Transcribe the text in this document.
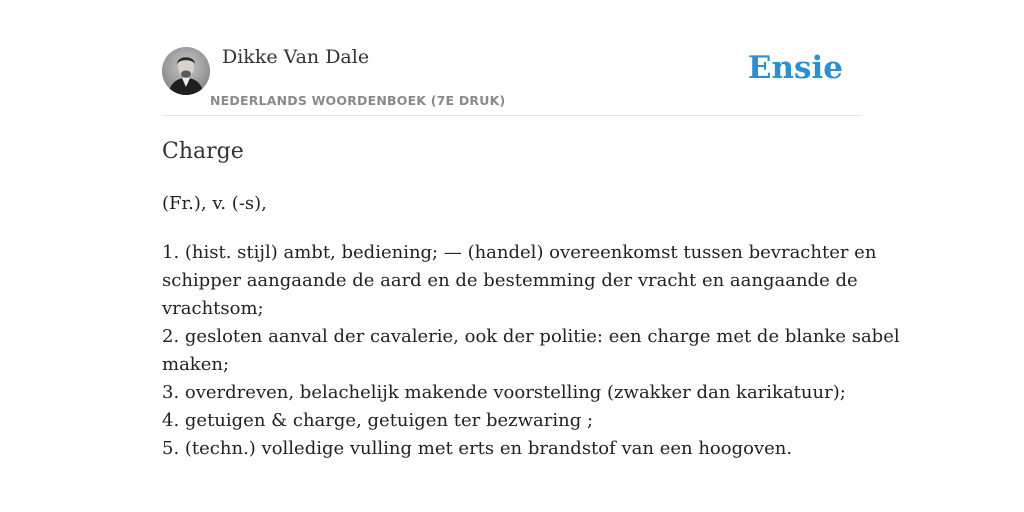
Dikke Van Dale
NEDERLANDS WOORDENBOEK (7E DRUK)
Ensie
Charge

(Fr.), v. (-s),

1. (hist. stijl) ambt, bediening; — (handel) overeenkomst tussen bevrachter en
schipper aangaande de aard en de bestemming der vracht en aangaande de
vrachtsom;
2. gesloten aanval der cavalerie, ook der politie: een charge met de blanke sabel
maken;
3. overdreven, belachelijk makende voorstelling (zwakker dan karikatuur);
4. getuigen & charge, getuigen ter bezwaring ;
5. (techn.) volledige vulling met erts en brandstof van een hoogoven.
